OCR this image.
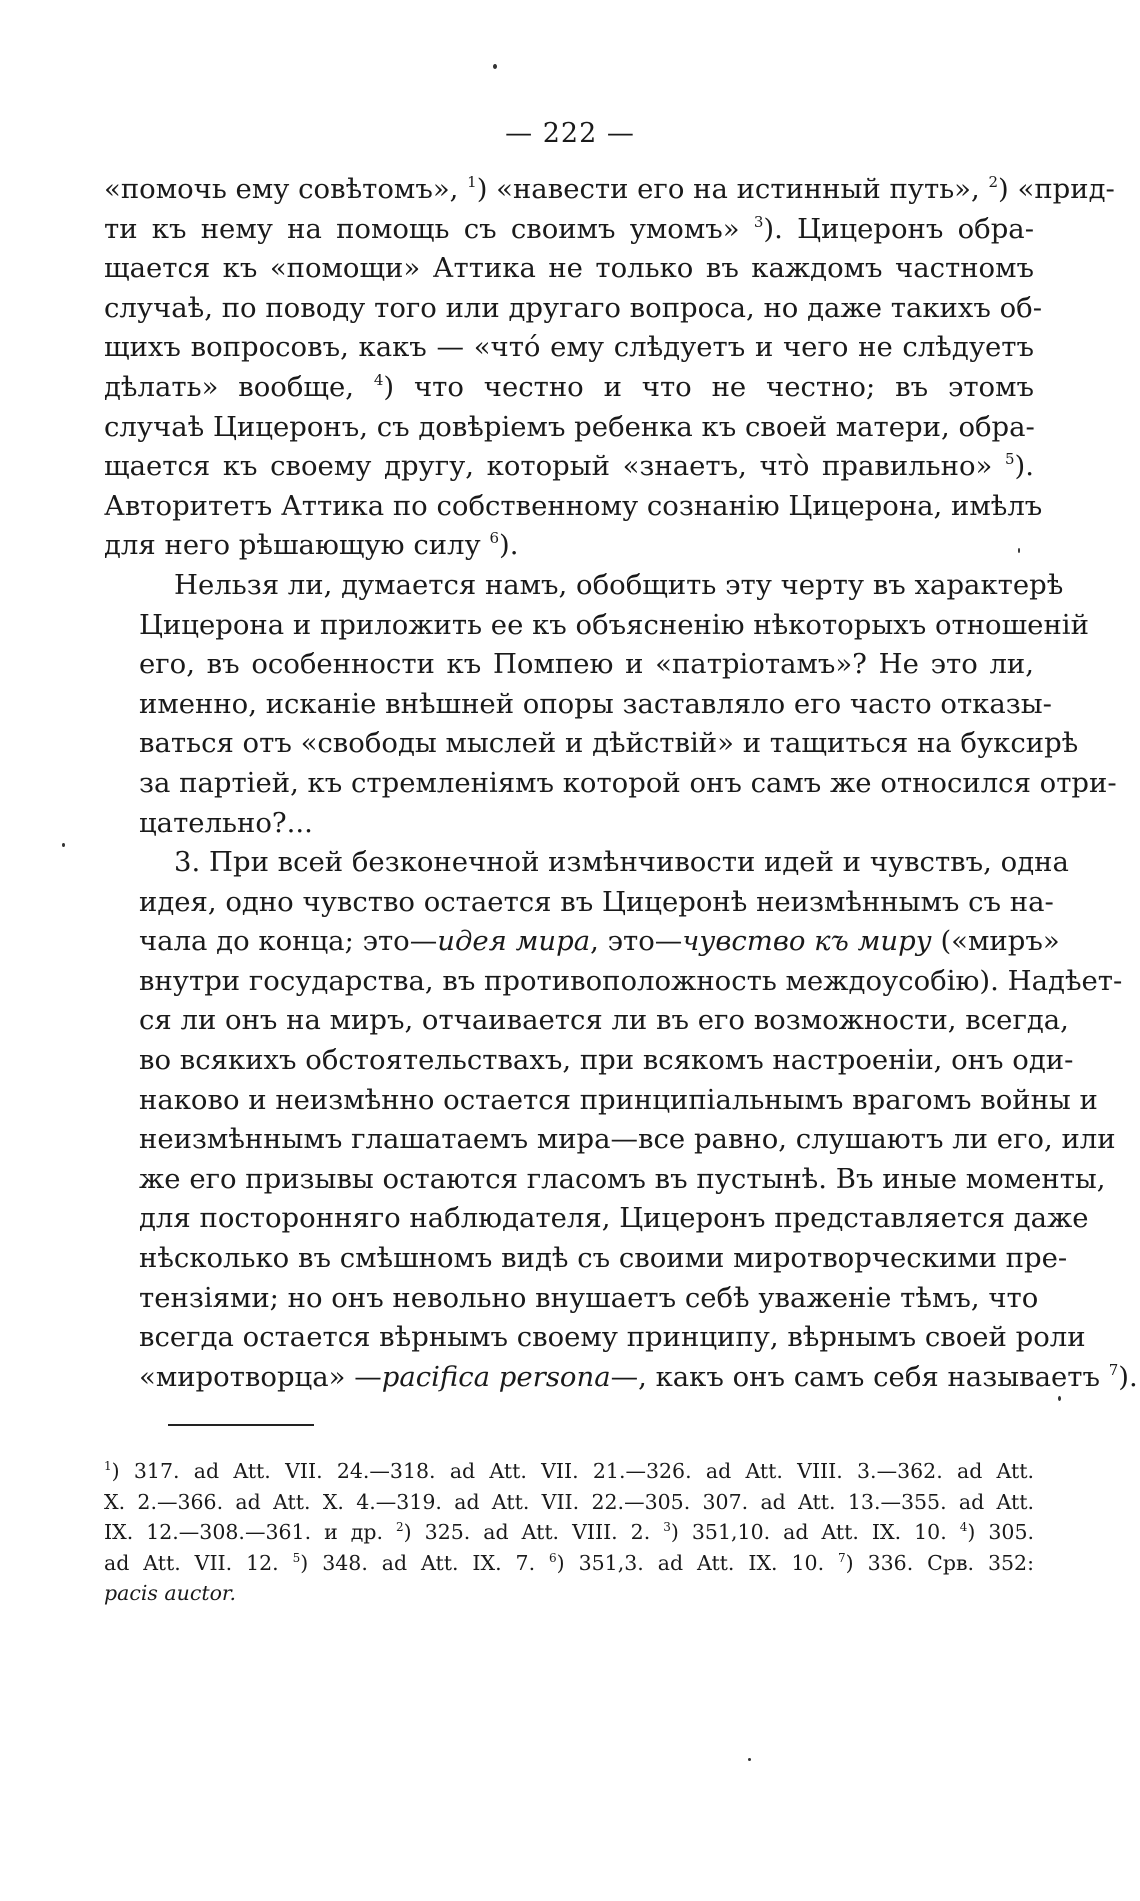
— 222 —
«помочь ему совѣтомъ», $^1$) «навести его на истинный путь», $^2$) «прид-
ти къ нему на помощь съ своимъ умомъ» $^3$). Цицеронъ обра-
щается къ «помощи» Аттика не только въ каждомъ частномъ
случаѣ, по поводу того или другаго вопроса, но даже такихъ об-
щихъ вопросовъ, какъ — «что́ ему слѣдуетъ и чего не слѣдуетъ
дѣлать» вообще, $^4$) что честно и что не честно; въ этомъ
случаѣ Цицеронъ, съ довѣріемъ ребенка къ своей матери, обра-
щается къ своему другу, который «знаетъ, что̀ правильно» $^5$).
Авторитетъ Аттика по собственному сознанію Цицерона, имѣлъ
для него рѣшающую силу $^6$).
Нельзя ли, думается намъ, обобщить эту черту въ характерѣ
Цицерона и приложить ее къ объясненію нѣкоторыхъ отношеній
его, въ особенности къ Помпею и «патріотамъ»? Не это ли,
именно, исканіе внѣшней опоры заставляло его часто отказы-
ваться отъ «свободы мыслей и дѣйствій» и тащиться на буксирѣ
за партіей, къ стремленіямъ которой онъ самъ же относился отри-
цательно?...
3. При всей безконечной измѣнчивости идей и чувствъ, одна
идея, одно чувство остается въ Цицеронѣ неизмѣннымъ съ на-
чала до конца; это—идея мира, это—чувство къ миру («миръ»
внутри государства, въ противоположность междоусобію). Надѣет-
ся ли онъ на миръ, отчаивается ли въ его возможности, всегда,
во всякихъ обстоятельствахъ, при всякомъ настроеніи, онъ оди-
наково и неизмѣнно остается принципіальнымъ врагомъ войны и
неизмѣннымъ глашатаемъ мира—все равно, слушаютъ ли его, или
же его призывы остаются гласомъ въ пустынѣ. Въ иные моменты,
для посторонняго наблюдателя, Цицеронъ представляется даже
нѣсколько въ смѣшномъ видѣ съ своими миротворческими пре-
тензіями; но онъ невольно внушаетъ себѣ уваженіе тѣмъ, что
всегда остается вѣрнымъ своему принципу, вѣрнымъ своей роли
«миротворца» —pacifica persona—, какъ онъ самъ себя называетъ $^7$).
$^1$) 317. ad Att. VII. 24.—318. ad Att. VII. 21.—326. ad Att. VIII. 3.—362. ad Att.
X. 2.—366. ad Att. X. 4.—319. ad Att. VII. 22.—305. 307. ad Att. 13.—355. ad Att.
IX. 12.—308.—361. и др. $^2$) 325. ad Att. VIII. 2. $^3$) 351,10. ad Att. IX. 10. $^4$) 305.
ad Att. VII. 12. $^5$) 348. ad Att. IX. 7. $^6$) 351,3. ad Att. IX. 10. $^7$) 336. Срв. 352:
pacis auctor.
